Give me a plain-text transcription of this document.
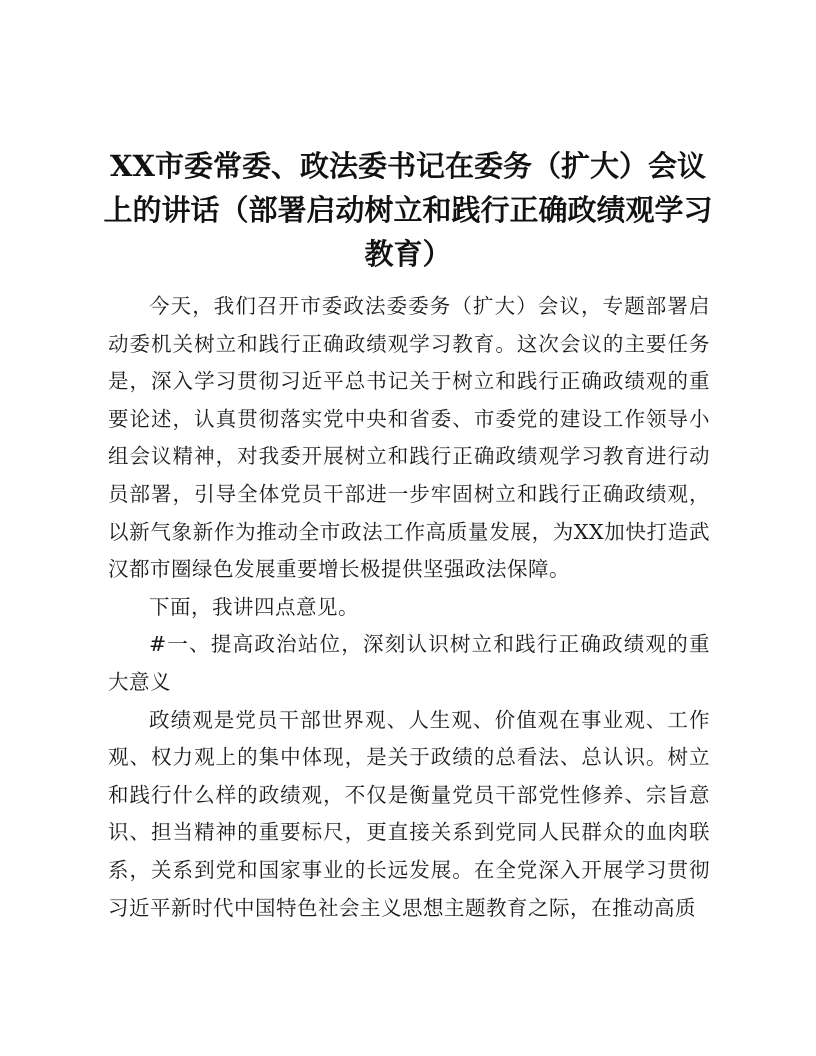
XX市委常委、政法委书记在委务（扩大）会议上的讲话（部署启动树立和践行正确政绩观学习教育）

今天，我们召开市委政法委委务（扩大）会议，专题部署启动委机关树立和践行正确政绩观学习教育。这次会议的主要任务是，深入学习贯彻习近平总书记关于树立和践行正确政绩观的重要论述，认真贯彻落实党中央和省委、市委党的建设工作领导小组会议精神，对我委开展树立和践行正确政绩观学习教育进行动员部署，引导全体党员干部进一步牢固树立和践行正确政绩观，以新气象新作为推动全市政法工作高质量发展，为XX加快打造武汉都市圈绿色发展重要增长极提供坚强政法保障。

下面，我讲四点意见。

#一、提高政治站位，深刻认识树立和践行正确政绩观的重大意义

政绩观是党员干部世界观、人生观、价值观在事业观、工作观、权力观上的集中体现，是关于政绩的总看法、总认识。树立和践行什么样的政绩观，不仅是衡量党员干部党性修养、宗旨意识、担当精神的重要标尺，更直接关系到党同人民群众的血肉联系，关系到党和国家事业的长远发展。在全党深入开展学习贯彻习近平新时代中国特色社会主义思想主题教育之际，在推动高质
